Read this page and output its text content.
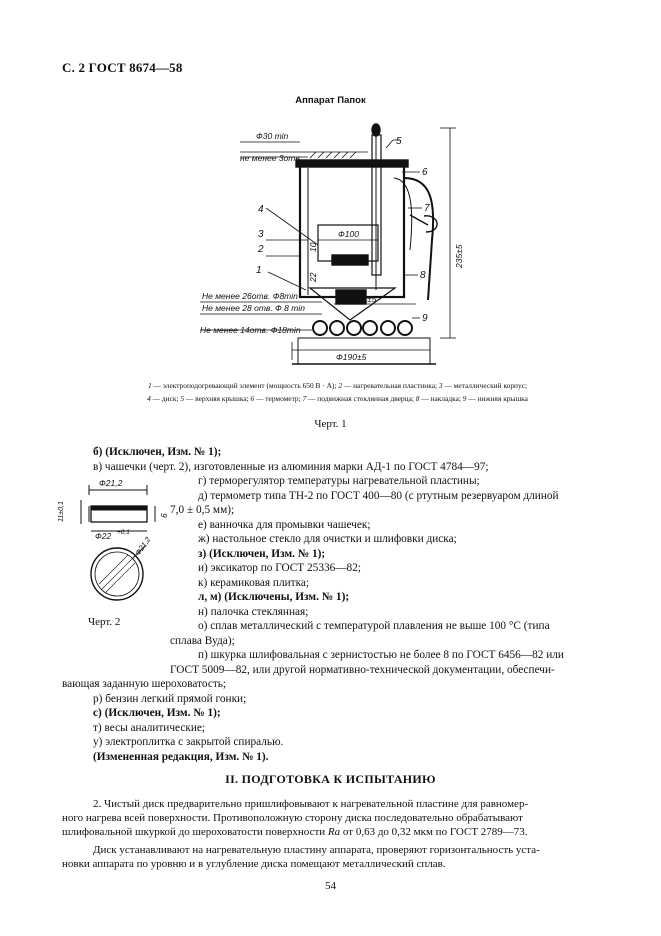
С. 2 ГОСТ 8674—58
Аппарат Папок
Ф30 min
не менее 3отв.
Ф100
Ф155±5
Ф190±5
235±5
10
22
Не менее 26отв. Ф8min
Не менее 28 отв. Ф 8 min
Не менее 14отв. Ф18min
1
2
3
4
5
6
7
8
9
1 — электроподогревающий элемент (мощность 650 В · А); 2 — нагревательная пластинка; 3 — металлический корпус;
4 — диск; 5 — верхняя крышка; 6 — термометр; 7 — подвижная стеклянная дверца; 8 — накладка; 9 — нижняя крышка
Черт. 1
Ф21,2
Ф22 +0,1
6
11±0,1
Ф21,2
Черт. 2
б) (Исключен, Изм. № 1);
в) чашечки (черт. 2), изготовленные из алюминия марки АД-1 по ГОСТ 4784—97;
г) терморегулятор температуры нагревательной пластины;
д) термометр типа ТН-2 по ГОСТ 400—80 (с ртутным резервуаром длиной
7,0 ± 0,5 мм);
е) ванночка для промывки чашечек;
ж) настольное стекло для очистки и шлифовки диска;
з) (Исключен, Изм. № 1);
и) эксикатор по ГОСТ 25336—82;
к) керамиковая плитка;
л, м) (Исключены, Изм. № 1);
н) палочка стеклянная;
о) сплав металлический с температурой плавления не выше 100 °С (типа
сплава Вуда);
п) шкурка шлифовальная с зернистостью не более 8 по ГОСТ 6456—82 или
ГОСТ 5009—82, или другой нормативно-технической документации, обеспечи-
вающая заданную шероховатость;
р) бензин легкий прямой гонки;
с) (Исключен, Изм. № 1);
т) весы аналитические;
у) электроплитка с закрытой спиралью.
(Измененная редакция, Изм. № 1).
II. ПОДГОТОВКА К ИСПЫТАНИЮ
2. Чистый диск предварительно пришлифовывают к нагревательной пластине для равномер-
ного нагрева всей поверхности. Противоположную сторону диска последовательно обрабатывают
шлифовальной шкуркой до шероховатости поверхности Ra от 0,63 до 0,32 мкм по ГОСТ 2789—73.
Диск устанавливают на нагревательную пластину аппарата, проверяют горизонтальность уста-
новки аппарата по уровню и в углубление диска помещают металлический сплав.
54
